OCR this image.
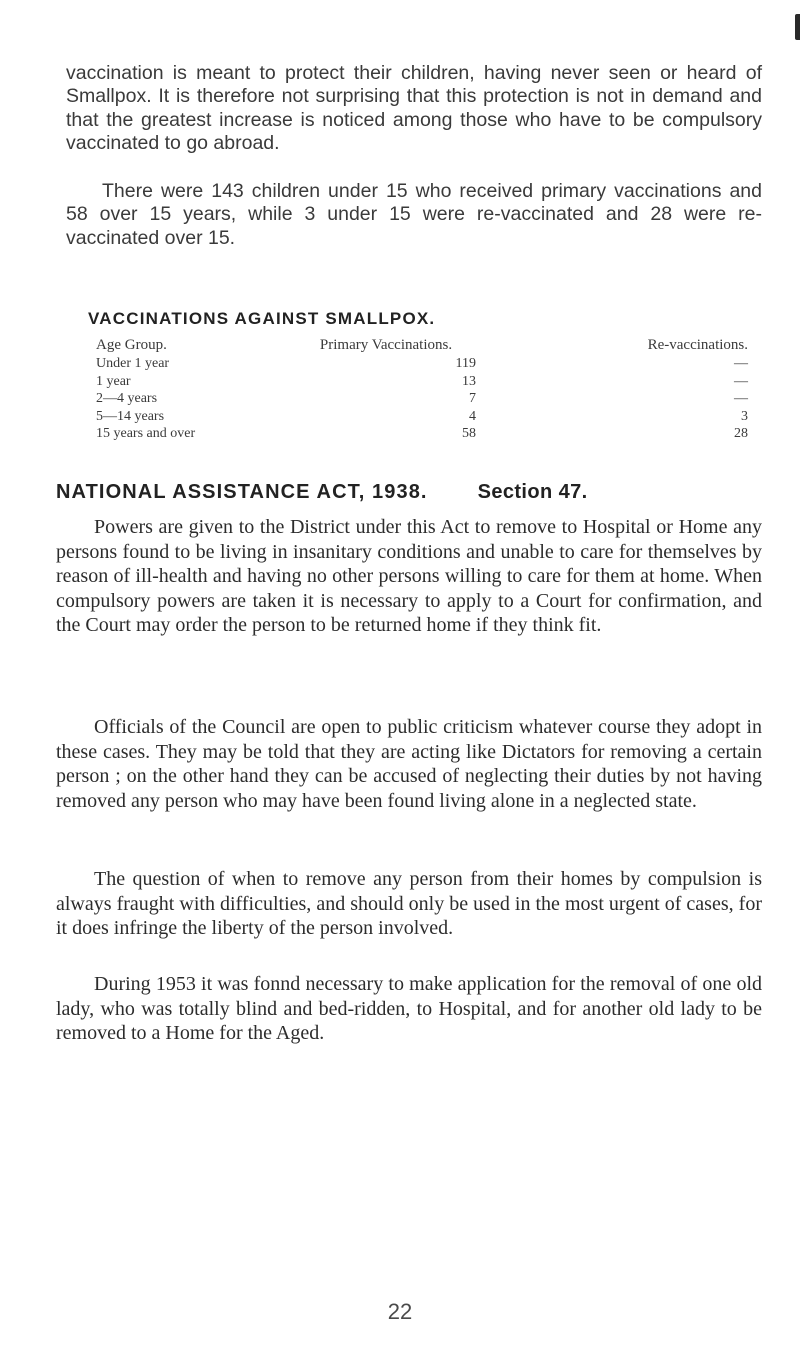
vaccination is meant to protect their children, having never seen or heard of Smallpox. It is therefore not surprising that this protection is not in demand and that the greatest increase is noticed among those who have to be compulsory vaccinated to go abroad.

There were 143 children under 15 who received primary vaccinations and 58 over 15 years, while 3 under 15 were re-vaccinated and 28 were re-vaccinated over 15.

VACCINATIONS AGAINST SMALLPOX.
Age Group.	Primary Vaccinations.	Re-vaccinations.
Under 1 year	119	—
1 year	13	—
2—4 years	7	—
5—14 years	4	3
15 years and over	58	28
NATIONAL ASSISTANCE ACT, 1938.	Section 47.

Powers are given to the District under this Act to remove to Hospital or Home any persons found to be living in insanitary conditions and unable to care for themselves by reason of ill-health and having no other persons willing to care for them at home. When compulsory powers are taken it is necessary to apply to a Court for confirmation, and the Court may order the person to be returned home if they think fit.

Officials of the Council are open to public criticism whatever course they adopt in these cases. They may be told that they are acting like Dictators for removing a certain person ; on the other hand they can be accused of neglecting their duties by not having removed any person who may have been found living alone in a neglected state.

The question of when to remove any person from their homes by compulsion is always fraught with difficulties, and should only be used in the most urgent of cases, for it does infringe the liberty of the person involved.

During 1953 it was fonnd necessary to make application for the removal of one old lady, who was totally blind and bed-ridden, to Hospital, and for another old lady to be removed to a Home for the Aged.

22
